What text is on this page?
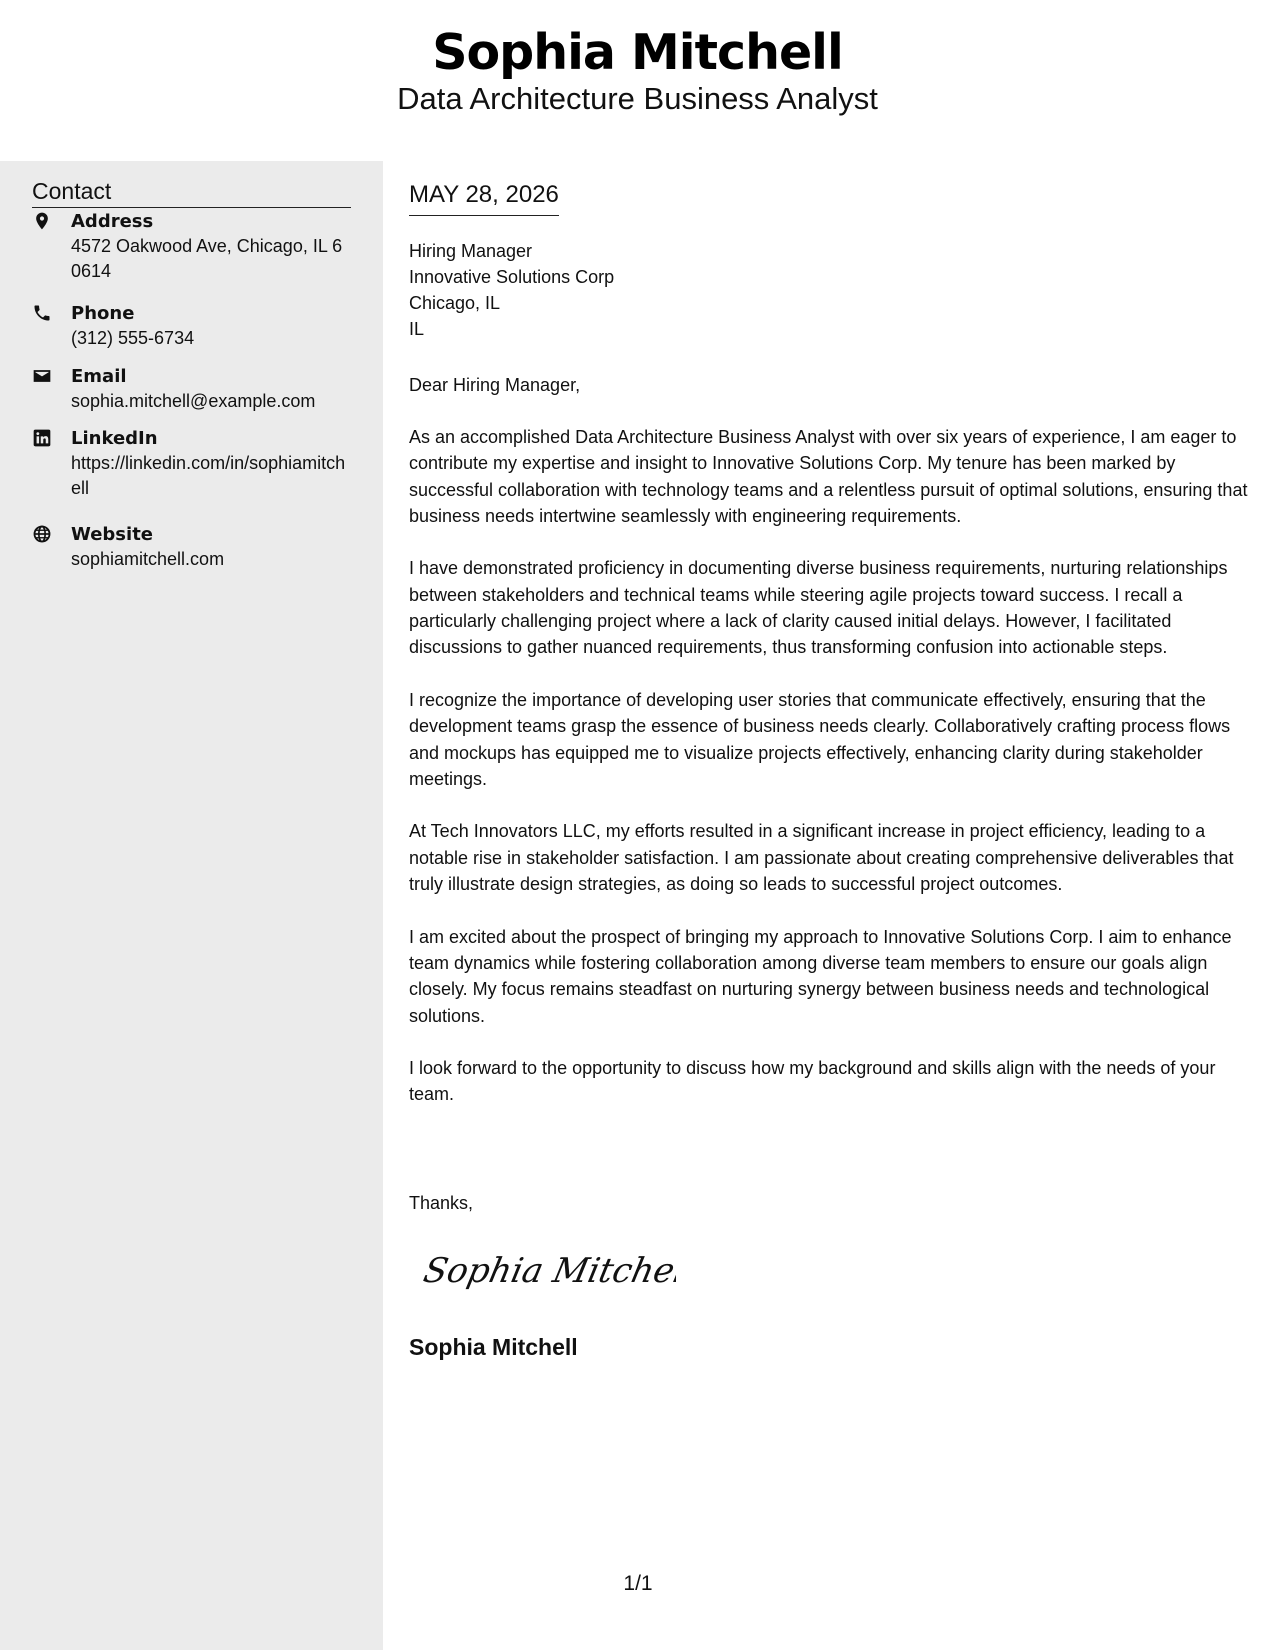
Sophia Mitchell
Data Architecture Business Analyst
Contact
Address
4572 Oakwood Ave, Chicago, IL 60614
Phone
(312) 555-6734
Email
sophia.mitchell@example.com
LinkedIn
https://linkedin.com/in/sophiamitchell
Website
sophiamitchell.com
MAY 28, 2026
Hiring Manager
Innovative Solutions Corp
Chicago, IL
IL
Dear Hiring Manager,

As an accomplished Data Architecture Business Analyst with over six years of experience, I am eager to contribute my expertise and insight to Innovative Solutions Corp. My tenure has been marked by successful collaboration with technology teams and a relentless pursuit of optimal solutions, ensuring that business needs intertwine seamlessly with engineering requirements.

I have demonstrated proficiency in documenting diverse business requirements, nurturing relationships between stakeholders and technical teams while steering agile projects toward success. I recall a particularly challenging project where a lack of clarity caused initial delays. However, I facilitated discussions to gather nuanced requirements, thus transforming confusion into actionable steps.

I recognize the importance of developing user stories that communicate effectively, ensuring that the development teams grasp the essence of business needs clearly. Collaboratively crafting process flows and mockups has equipped me to visualize projects effectively, enhancing clarity during stakeholder meetings.

At Tech Innovators LLC, my efforts resulted in a significant increase in project efficiency, leading to a notable rise in stakeholder satisfaction. I am passionate about creating comprehensive deliverables that truly illustrate design strategies, as doing so leads to successful project outcomes.

I am excited about the prospect of bringing my approach to Innovative Solutions Corp. I aim to enhance team dynamics while fostering collaboration among diverse team members to ensure our goals align closely. My focus remains steadfast on nurturing synergy between business needs and technological solutions.

I look forward to the opportunity to discuss how my background and skills align with the needs of your team.

Thanks,
Sophia Mitchell
Sophia Mitchell
1/1
